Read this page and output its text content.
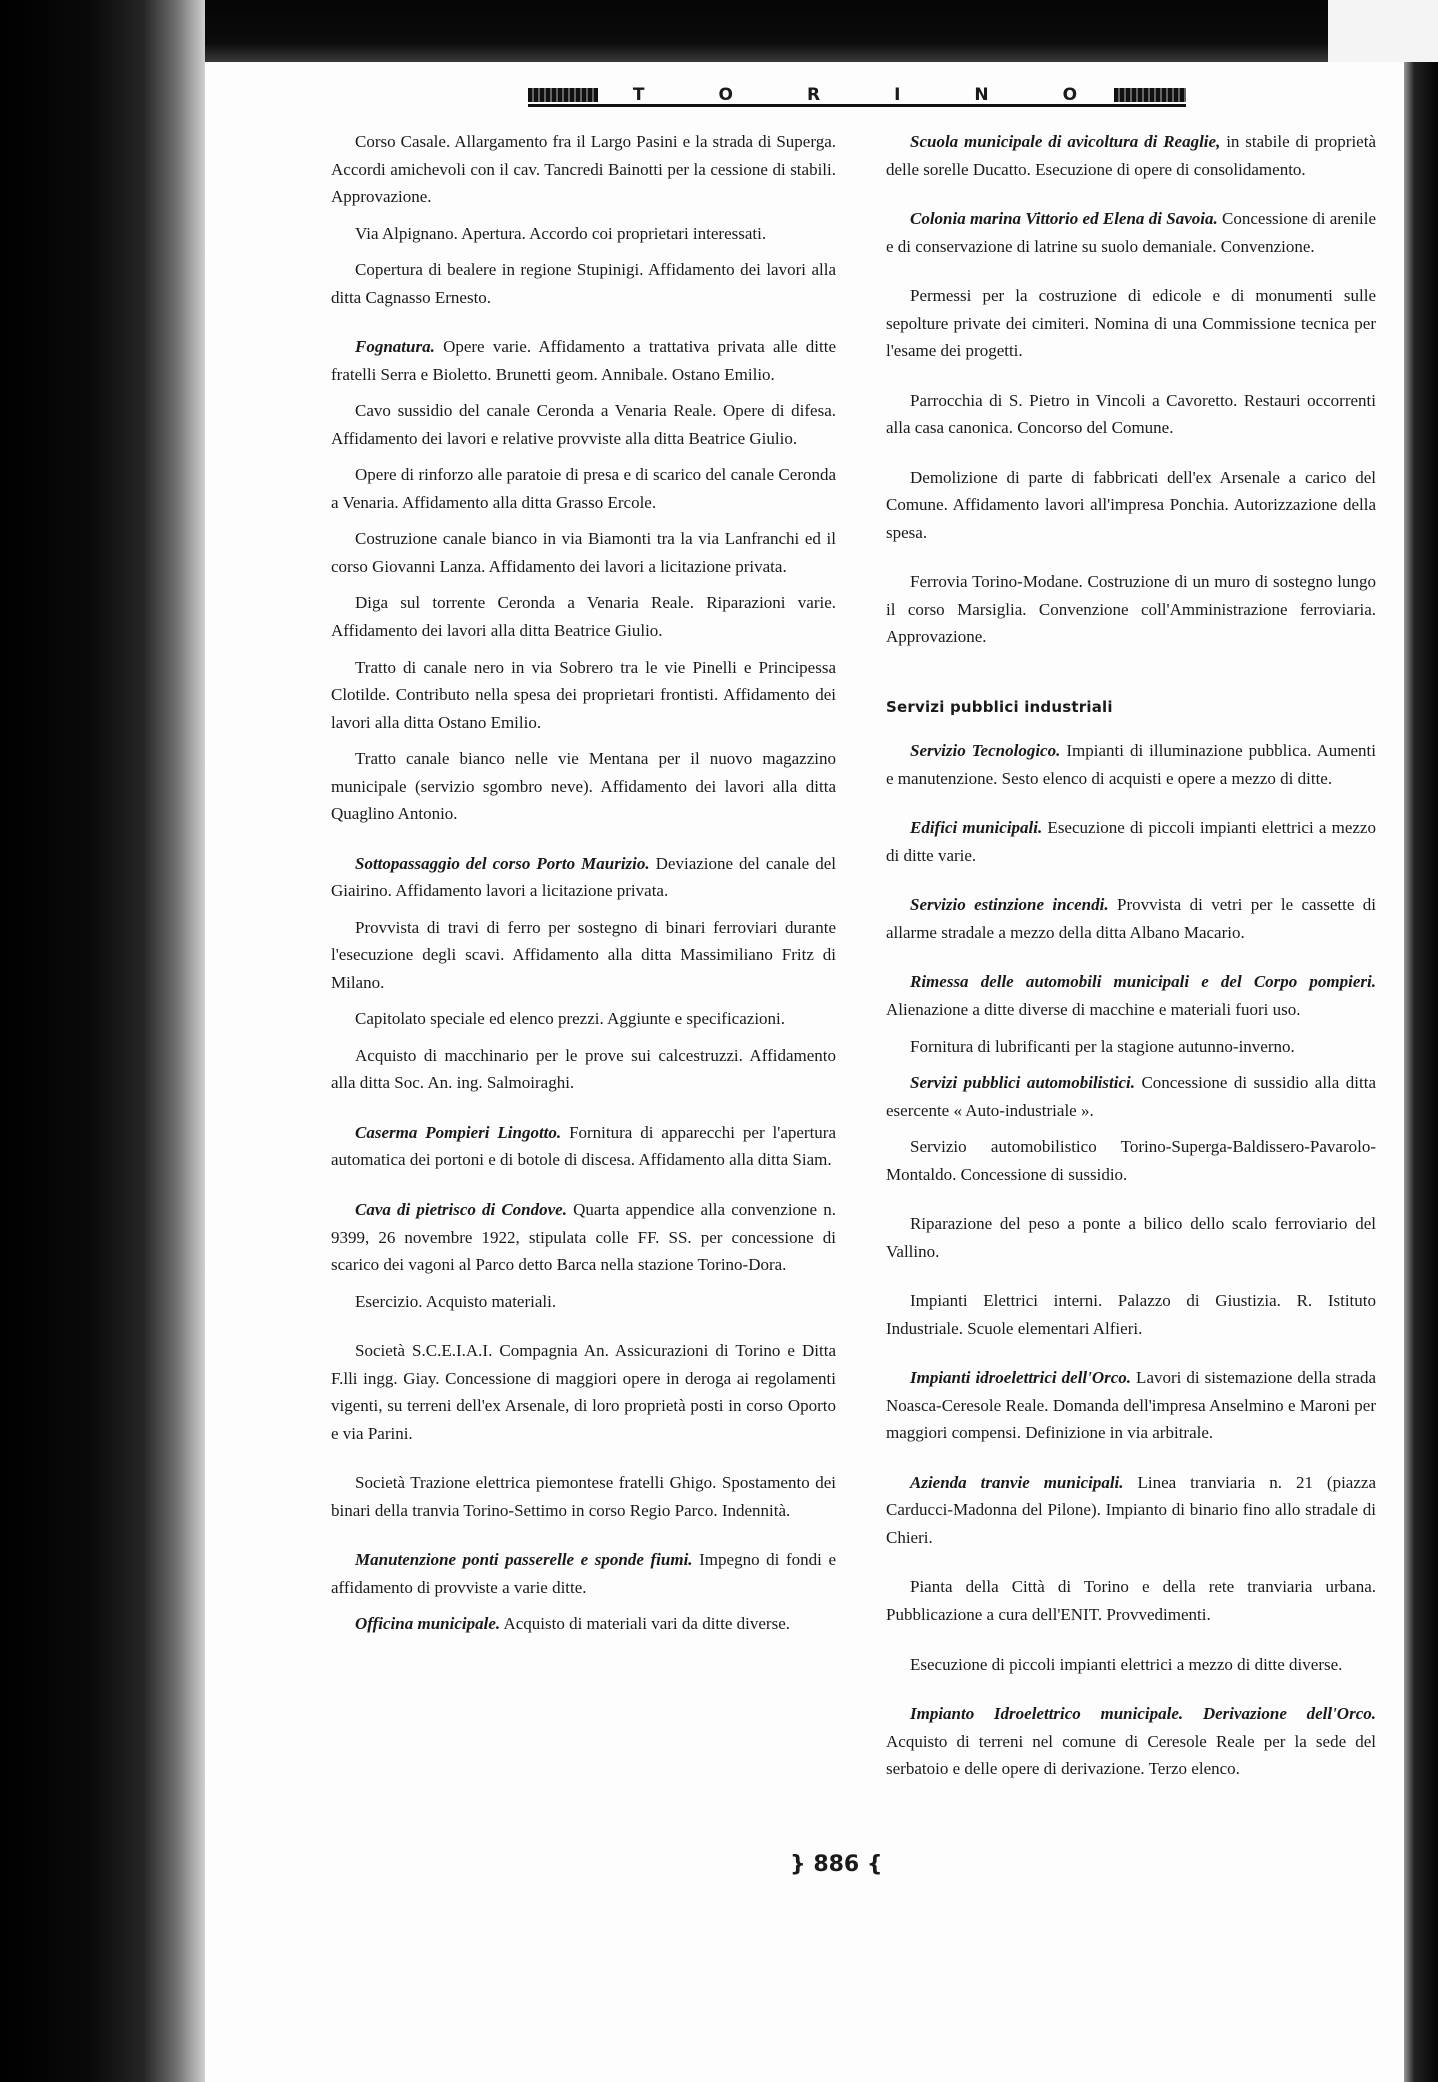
T	O	R	I	N	O

Corso Casale. Allargamento fra il Largo Pasini e la strada di Superga. Accordi amichevoli con il cav. Tancredi Bainotti per la cessione di stabili. Approvazione.

Via Alpignano. Apertura. Accordo coi proprietari interessati.

Copertura di bealere in regione Stupinigi. Affidamento dei lavori alla ditta Cagnasso Ernesto.

Fognatura. Opere varie. Affidamento a trattativa privata alle ditte fratelli Serra e Bioletto. Brunetti geom. Annibale. Ostano Emilio.

Cavo sussidio del canale Ceronda a Venaria Reale. Opere di difesa. Affidamento dei lavori e relative provviste alla ditta Beatrice Giulio.

Opere di rinforzo alle paratoie di presa e di scarico del canale Ceronda a Venaria. Affidamento alla ditta Grasso Ercole.

Costruzione canale bianco in via Biamonti tra la via Lanfranchi ed il corso Giovanni Lanza. Affidamento dei lavori a licitazione privata.

Diga sul torrente Ceronda a Venaria Reale. Riparazioni varie. Affidamento dei lavori alla ditta Beatrice Giulio.

Tratto di canale nero in via Sobrero tra le vie Pinelli e Principessa Clotilde. Contributo nella spesa dei proprietari frontisti. Affidamento dei lavori alla ditta Ostano Emilio.

Tratto canale bianco nelle vie Mentana per il nuovo magazzino municipale (servizio sgombro neve). Affidamento dei lavori alla ditta Quaglino Antonio.

Sottopassaggio del corso Porto Maurizio. Deviazione del canale del Giairino. Affidamento lavori a licitazione privata.

Provvista di travi di ferro per sostegno di binari ferroviari durante l'esecuzione degli scavi. Affidamento alla ditta Massimiliano Fritz di Milano.

Capitolato speciale ed elenco prezzi. Aggiunte e specificazioni.

Acquisto di macchinario per le prove sui calcestruzzi. Affidamento alla ditta Soc. An. ing. Salmoiraghi.

Caserma Pompieri Lingotto. Fornitura di apparecchi per l'apertura automatica dei portoni e di botole di discesa. Affidamento alla ditta Siam.

Cava di pietrisco di Condove. Quarta appendice alla convenzione n. 9399, 26 novembre 1922, stipulata colle FF. SS. per concessione di scarico dei vagoni al Parco detto Barca nella stazione Torino-Dora.

Esercizio. Acquisto materiali.

Società S.C.E.I.A.I. Compagnia An. Assicurazioni di Torino e Ditta F.lli ingg. Giay. Concessione di maggiori opere in deroga ai regolamenti vigenti, su terreni dell'ex Arsenale, di loro proprietà posti in corso Oporto e via Parini.

Società Trazione elettrica piemontese fratelli Ghigo. Spostamento dei binari della tranvia Torino-Settimo in corso Regio Parco. Indennità.

Manutenzione ponti passerelle e sponde fiumi. Impegno di fondi e affidamento di provviste a varie ditte.

Officina municipale. Acquisto di materiali vari da ditte diverse.

Scuola municipale di avicoltura di Reaglie, in stabile di proprietà delle sorelle Ducatto. Esecuzione di opere di consolidamento.

Colonia marina Vittorio ed Elena di Savoia. Concessione di arenile e di conservazione di latrine su suolo demaniale. Convenzione.

Permessi per la costruzione di edicole e di monumenti sulle sepolture private dei cimiteri. Nomina di una Commissione tecnica per l'esame dei progetti.

Parrocchia di S. Pietro in Vincoli a Cavoretto. Restauri occorrenti alla casa canonica. Concorso del Comune.

Demolizione di parte di fabbricati dell'ex Arsenale a carico del Comune. Affidamento lavori all'impresa Ponchia. Autorizzazione della spesa.

Ferrovia Torino-Modane. Costruzione di un muro di sostegno lungo il corso Marsiglia. Convenzione coll'Amministrazione ferroviaria. Approvazione.

Servizi pubblici industriali

Servizio Tecnologico. Impianti di illuminazione pubblica. Aumenti e manutenzione. Sesto elenco di acquisti e opere a mezzo di ditte.

Edifici municipali. Esecuzione di piccoli impianti elettrici a mezzo di ditte varie.

Servizio estinzione incendi. Provvista di vetri per le cassette di allarme stradale a mezzo della ditta Albano Macario.

Rimessa delle automobili municipali e del Corpo pompieri. Alienazione a ditte diverse di macchine e materiali fuori uso.

Fornitura di lubrificanti per la stagione autunno-inverno.

Servizi pubblici automobilistici. Concessione di sussidio alla ditta esercente « Auto-industriale ».

Servizio automobilistico Torino-Superga-Baldissero-Pavarolo-Montaldo. Concessione di sussidio.

Riparazione del peso a ponte a bilico dello scalo ferroviario del Vallino.

Impianti Elettrici interni. Palazzo di Giustizia. R. Istituto Industriale. Scuole elementari Alfieri.

Impianti idroelettrici dell'Orco. Lavori di sistemazione della strada Noasca-Ceresole Reale. Domanda dell'impresa Anselmino e Maroni per maggiori compensi. Definizione in via arbitrale.

Azienda tranvie municipali. Linea tranviaria n. 21 (piazza Carducci-Madonna del Pilone). Impianto di binario fino allo stradale di Chieri.

Pianta della Città di Torino e della rete tranviaria urbana. Pubblicazione a cura dell'ENIT. Provvedimenti.

Esecuzione di piccoli impianti elettrici a mezzo di ditte diverse.

Impianto Idroelettrico municipale. Derivazione dell'Orco. Acquisto di terreni nel comune di Ceresole Reale per la sede del serbatoio e delle opere di derivazione. Terzo elenco.

} 886 {
